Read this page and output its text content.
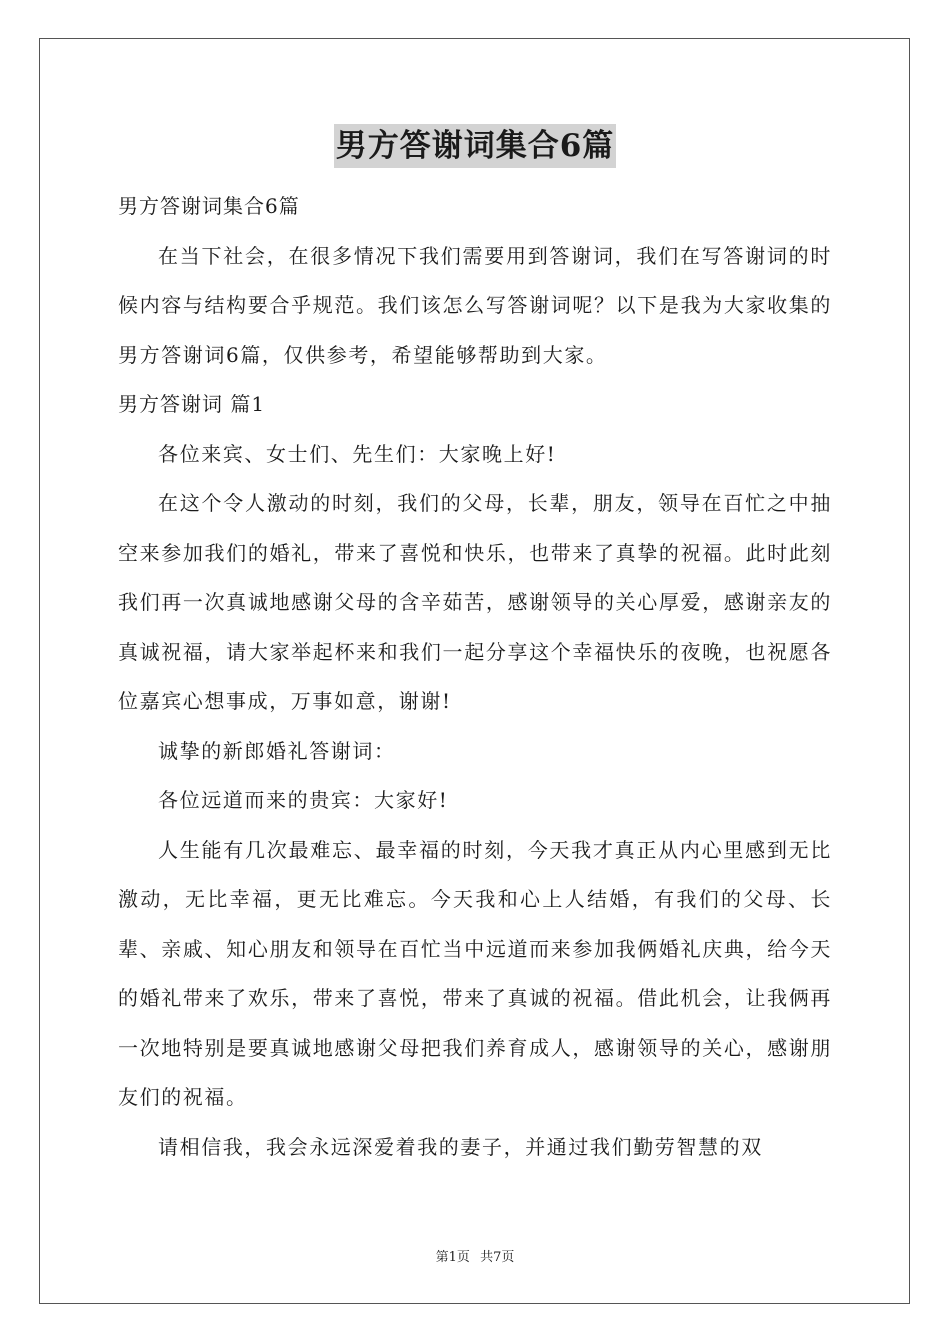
男方答谢词集合6篇

男方答谢词集合6篇

在当下社会，在很多情况下我们需要用到答谢词，我们在写答谢词的时候内容与结构要合乎规范。我们该怎么写答谢词呢？以下是我为大家收集的男方答谢词6篇，仅供参考，希望能够帮助到大家。

男方答谢词 篇1

各位来宾、女士们、先生们：大家晚上好!

在这个令人激动的时刻，我们的父母，长辈，朋友，领导在百忙之中抽空来参加我们的婚礼，带来了喜悦和快乐，也带来了真挚的祝福。此时此刻我们再一次真诚地感谢父母的含辛茹苦，感谢领导的关心厚爱，感谢亲友的真诚祝福，请大家举起杯来和我们一起分享这个幸福快乐的夜晚，也祝愿各位嘉宾心想事成，万事如意，谢谢!

诚挚的新郎婚礼答谢词：

各位远道而来的贵宾：大家好!

人生能有几次最难忘、最幸福的时刻，今天我才真正从内心里感到无比激动，无比幸福，更无比难忘。今天我和心上人结婚，有我们的父母、长辈、亲戚、知心朋友和领导在百忙当中远道而来参加我俩婚礼庆典，给今天的婚礼带来了欢乐，带来了喜悦，带来了真诚的祝福。借此机会，让我俩再一次地特别是要真诚地感谢父母把我们养育成人，感谢领导的关心，感谢朋友们的祝福。

请相信我，我会永远深爱着我的妻子，并通过我们勤劳智慧的双

第1页 共7页
